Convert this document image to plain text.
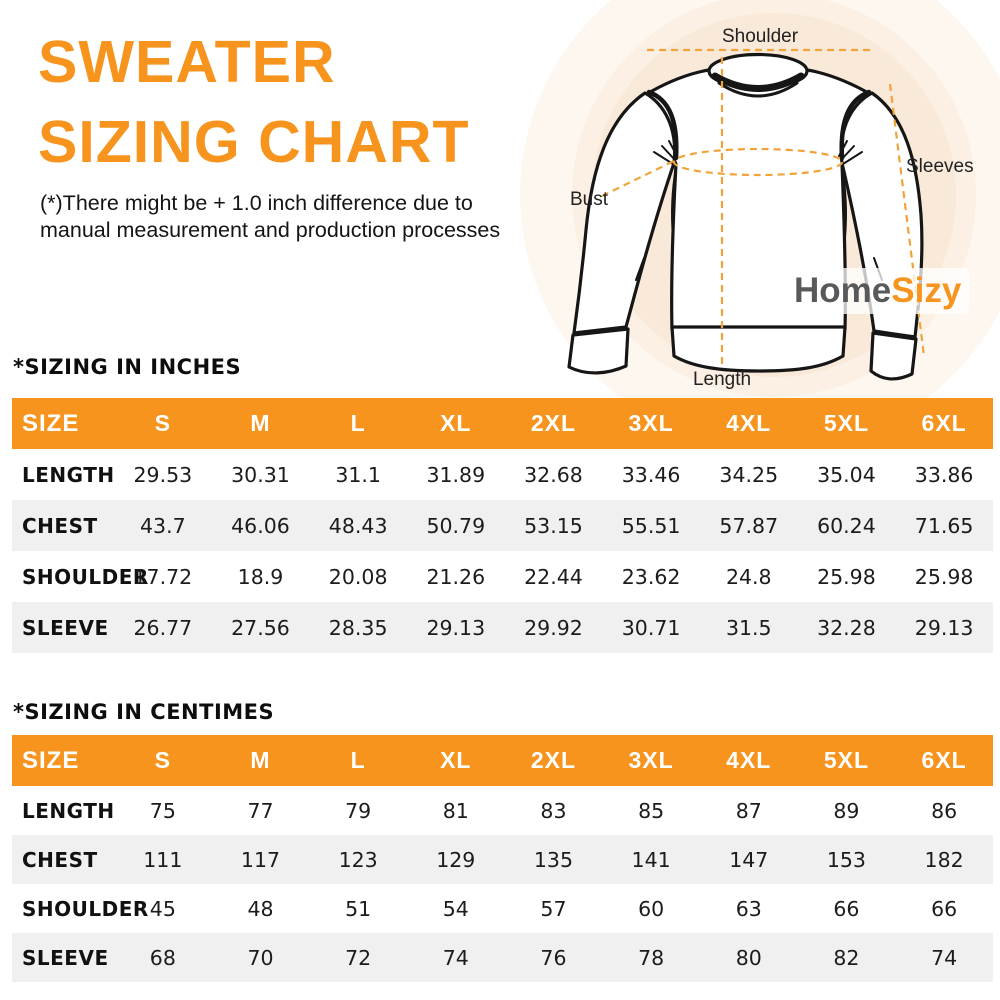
Shoulder
Sleeves
Bust
Length
HomeSizy
SWEATER
SIZING CHART
(*)There might be + 1.0 inch difference due to
manual measurement and production processes
*SIZING IN INCHES
*SIZING IN CENTIMES
SIZE	S	M	L	XL	2XL	3XL	4XL	5XL	6XL
LENGTH	29.53	30.31	31.1	31.89	32.68	33.46	34.25	35.04	33.86
CHEST	43.7	46.06	48.43	50.79	53.15	55.51	57.87	60.24	71.65
SHOULDER	17.72	18.9	20.08	21.26	22.44	23.62	24.8	25.98	25.98
SLEEVE	26.77	27.56	28.35	29.13	29.92	30.71	31.5	32.28	29.13
SIZE	S	M	L	XL	2XL	3XL	4XL	5XL	6XL
LENGTH	75	77	79	81	83	85	87	89	86
CHEST	111	117	123	129	135	141	147	153	182
SHOULDER	45	48	51	54	57	60	63	66	66
SLEEVE	68	70	72	74	76	78	80	82	74
